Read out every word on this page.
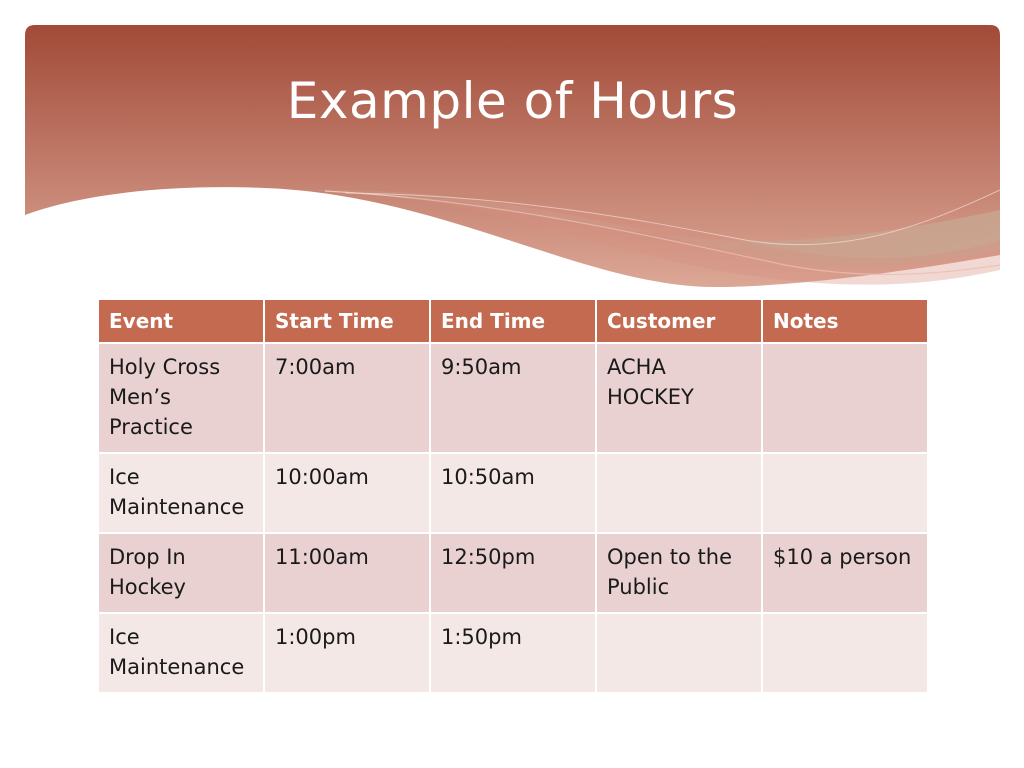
Example of Hours
Event	Start Time	End Time	Customer	Notes
Holy Cross Men’s Practice	7:00am	9:50am	ACHA HOCKEY	
Ice Maintenance	10:00am	10:50am		
Drop In Hockey	11:00am	12:50pm	Open to the Public	$10 a person
Ice Maintenance	1:00pm	1:50pm		
